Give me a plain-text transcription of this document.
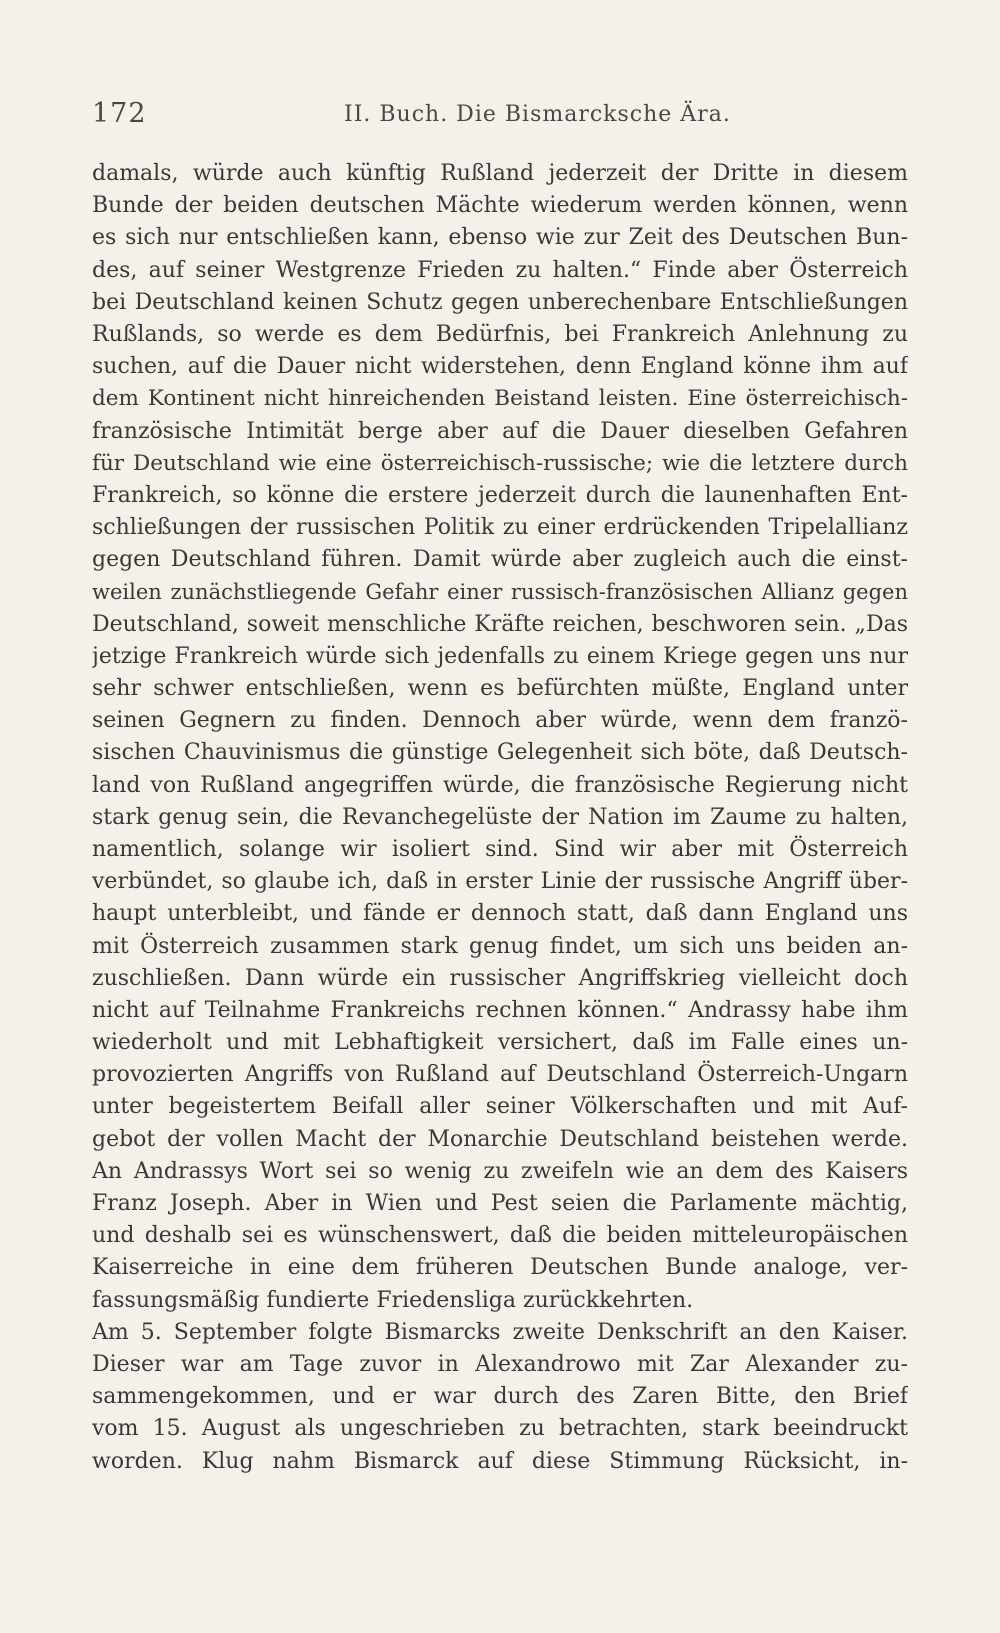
172	II. Buch. Die Bismarcksche Ära.
damals, würde auch künftig Rußland jederzeit der Dritte in diesem
Bunde der beiden deutschen Mächte wiederum werden können, wenn
es sich nur entschließen kann, ebenso wie zur Zeit des Deutschen Bun-
des, auf seiner Westgrenze Frieden zu halten.“ Finde aber Österreich
bei Deutschland keinen Schutz gegen unberechenbare Entschließungen
Rußlands, so werde es dem Bedürfnis, bei Frankreich Anlehnung zu
suchen, auf die Dauer nicht widerstehen, denn England könne ihm auf
dem Kontinent nicht hinreichenden Beistand leisten. Eine österreichisch-
französische Intimität berge aber auf die Dauer dieselben Gefahren
für Deutschland wie eine österreichisch-russische; wie die letztere durch
Frankreich, so könne die erstere jederzeit durch die launenhaften Ent-
schließungen der russischen Politik zu einer erdrückenden Tripelallianz
gegen Deutschland führen. Damit würde aber zugleich auch die einst-
weilen zunächstliegende Gefahr einer russisch-französischen Allianz gegen
Deutschland, soweit menschliche Kräfte reichen, beschworen sein. „Das
jetzige Frankreich würde sich jedenfalls zu einem Kriege gegen uns nur
sehr schwer entschließen, wenn es befürchten müßte, England unter
seinen Gegnern zu finden. Dennoch aber würde, wenn dem franzö-
sischen Chauvinismus die günstige Gelegenheit sich böte, daß Deutsch-
land von Rußland angegriffen würde, die französische Regierung nicht
stark genug sein, die Revanchegelüste der Nation im Zaume zu halten,
namentlich, solange wir isoliert sind. Sind wir aber mit Österreich
verbündet, so glaube ich, daß in erster Linie der russische Angriff über-
haupt unterbleibt, und fände er dennoch statt, daß dann England uns
mit Österreich zusammen stark genug findet, um sich uns beiden an-
zuschließen. Dann würde ein russischer Angriffskrieg vielleicht doch
nicht auf Teilnahme Frankreichs rechnen können.“ Andrassy habe ihm
wiederholt und mit Lebhaftigkeit versichert, daß im Falle eines un-
provozierten Angriffs von Rußland auf Deutschland Österreich-Ungarn
unter begeistertem Beifall aller seiner Völkerschaften und mit Auf-
gebot der vollen Macht der Monarchie Deutschland beistehen werde.
An Andrassys Wort sei so wenig zu zweifeln wie an dem des Kaisers
Franz Joseph. Aber in Wien und Pest seien die Parlamente mächtig,
und deshalb sei es wünschenswert, daß die beiden mitteleuropäischen
Kaiserreiche in eine dem früheren Deutschen Bunde analoge, ver-
fassungsmäßig fundierte Friedensliga zurückkehrten.
Am 5. September folgte Bismarcks zweite Denkschrift an den Kaiser.
Dieser war am Tage zuvor in Alexandrowo mit Zar Alexander zu-
sammengekommen, und er war durch des Zaren Bitte, den Brief
vom 15. August als ungeschrieben zu betrachten, stark beeindruckt
worden. Klug nahm Bismarck auf diese Stimmung Rücksicht, in-
